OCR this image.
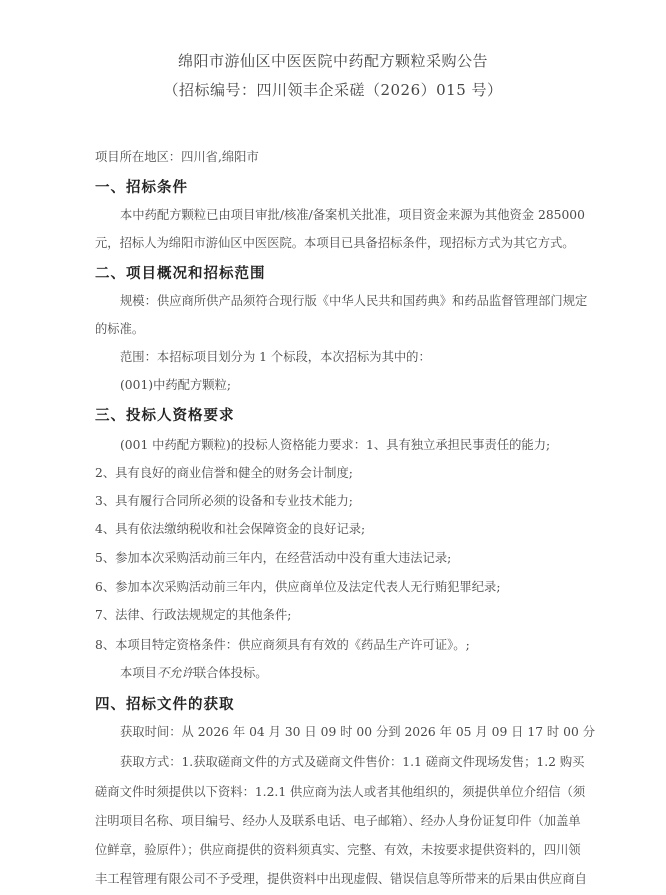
绵阳市游仙区中医医院中药配方颗粒采购公告
（招标编号：四川领丰企采磋（2026）015 号）
项目所在地区：四川省,绵阳市
一、招标条件
本中药配方颗粒已由项目审批/核准/备案机关批准，项目资金来源为其他资金 285000
元，招标人为绵阳市游仙区中医医院。本项目已具备招标条件，现招标方式为其它方式。
二、项目概况和招标范围
规模：供应商所供产品须符合现行版《中华人民共和国药典》和药品监督管理部门规定
的标准。
范围：本招标项目划分为 1 个标段，本次招标为其中的：
(001)中药配方颗粒;
三、投标人资格要求
(001 中药配方颗粒)的投标人资格能力要求：1、具有独立承担民事责任的能力;
2、具有良好的商业信誉和健全的财务会计制度;
3、具有履行合同所必须的设备和专业技术能力;
4、具有依法缴纳税收和社会保障资金的良好记录;
5、参加本次采购活动前三年内，在经营活动中没有重大违法记录;
6、参加本次采购活动前三年内，供应商单位及法定代表人无行贿犯罪纪录;
7、法律、行政法规规定的其他条件;
8、本项目特定资格条件：供应商须具有有效的《药品生产许可证》。;
本项目不允许联合体投标。
四、招标文件的获取
获取时间：从 2026 年 04 月 30 日 09 时 00 分到 2026 年 05 月 09 日 17 时 00 分
获取方式：1.获取磋商文件的方式及磋商文件售价：1.1 磋商文件现场发售；1.2 购买
磋商文件时须提供以下资料：1.2.1 供应商为法人或者其他组织的，须提供单位介绍信（须
注明项目名称、项目编号、经办人及联系电话、电子邮箱）、经办人身份证复印件（加盖单
位鲜章，验原件）；供应商提供的资料须真实、完整、有效，未按要求提供资料的，四川领
丰工程管理有限公司不予受理，提供资料中出现虚假、错误信息等所带来的后果由供应商自
